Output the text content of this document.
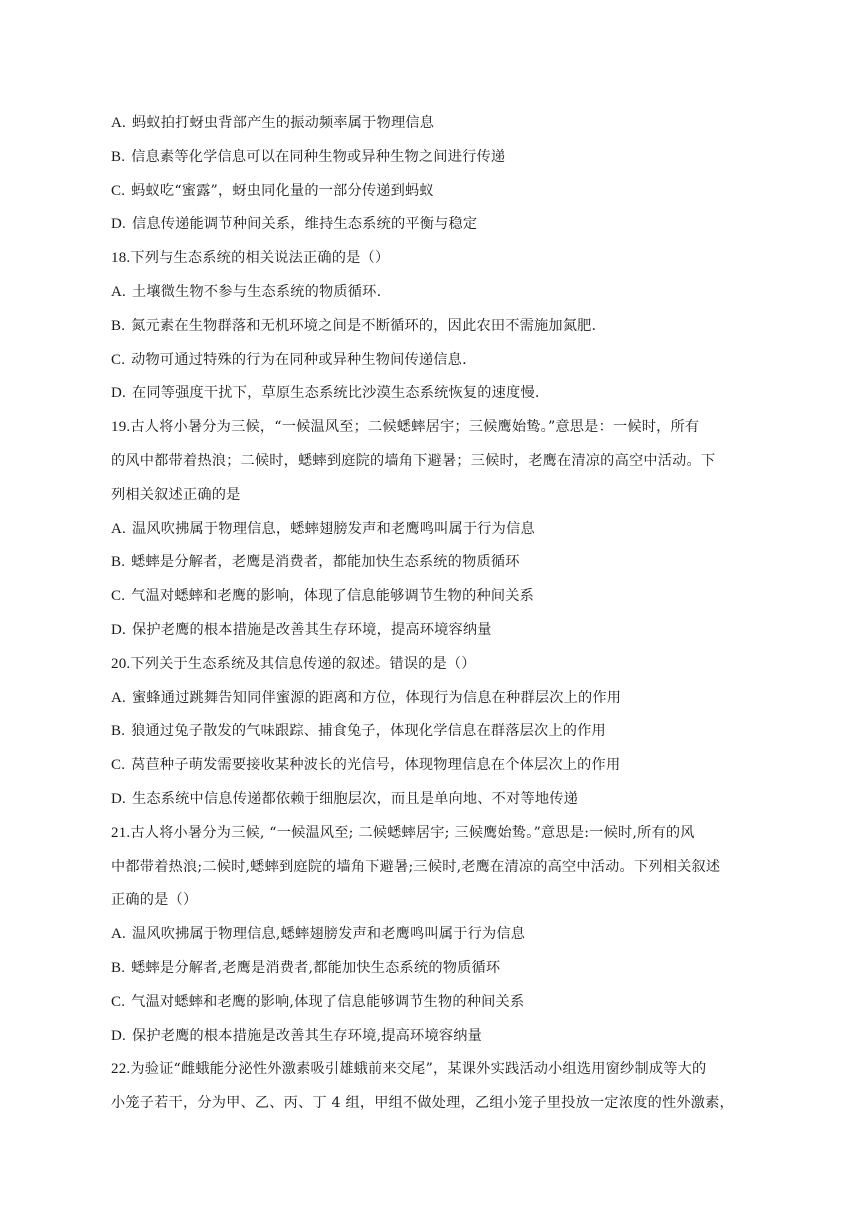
A. 蚂蚁拍打蚜虫背部产生的振动频率属于物理信息
B. 信息素等化学信息可以在同种生物或异种生物之间进行传递
C. 蚂蚁吃“蜜露”，蚜虫同化量的一部分传递到蚂蚁
D. 信息传递能调节种间关系，维持生态系统的平衡与稳定
18.下列与生态系统的相关说法正确的是（）
A. 土壤微生物不参与生态系统的物质循环.
B. 氮元素在生物群落和无机环境之间是不断循环的，因此农田不需施加氮肥.
C. 动物可通过特殊的行为在同种或异种生物间传递信息.
D. 在同等强度干扰下，草原生态系统比沙漠生态系统恢复的速度慢.
19.古人将小暑分为三候，“一候温风至；二候蟋蟀居宇；三候鹰始鸷。”意思是：一候时，所有
的风中都带着热浪；二候时，蟋蟀到庭院的墙角下避暑；三候时，老鹰在清凉的高空中活动。下
列相关叙述正确的是
A. 温风吹拂属于物理信息，蟋蟀翅膀发声和老鹰鸣叫属于行为信息
B. 蟋蟀是分解者，老鹰是消费者，都能加快生态系统的物质循环
C. 气温对蟋蟀和老鹰的影响，体现了信息能够调节生物的种间关系
D. 保护老鹰的根本措施是改善其生存环境，提高环境容纳量
20.下列关于生态系统及其信息传递的叙述。错误的是（）
A. 蜜蜂通过跳舞告知同伴蜜源的距离和方位，体现行为信息在种群层次上的作用
B. 狼通过兔子散发的气味跟踪、捕食兔子，体现化学信息在群落层次上的作用
C. 莴苣种子萌发需要接收某种波长的光信号，体现物理信息在个体层次上的作用
D. 生态系统中信息传递都依赖于细胞层次，而且是单向地、不对等地传递
21.古人将小暑分为三候, “一候温风至; 二候蟋蟀居宇; 三候鹰始鸷。”意思是:一候时,所有的风
中都带着热浪;二候时,蟋蟀到庭院的墙角下避暑;三候时,老鹰在清凉的高空中活动。下列相关叙述
正确的是（）
A. 温风吹拂属于物理信息,蟋蟀翅膀发声和老鹰鸣叫属于行为信息
B. 蟋蟀是分解者,老鹰是消费者,都能加快生态系统的物质循环
C. 气温对蟋蟀和老鹰的影响,体现了信息能够调节生物的种间关系
D. 保护老鹰的根本措施是改善其生存环境,提高环境容纳量
22.为验证“雌蛾能分泌性外激素吸引雄蛾前来交尾”，某课外实践活动小组选用窗纱制成等大的
小笼子若干，分为甲、乙、丙、丁 4 组，甲组不做处理，乙组小笼子里投放一定浓度的性外激素，
